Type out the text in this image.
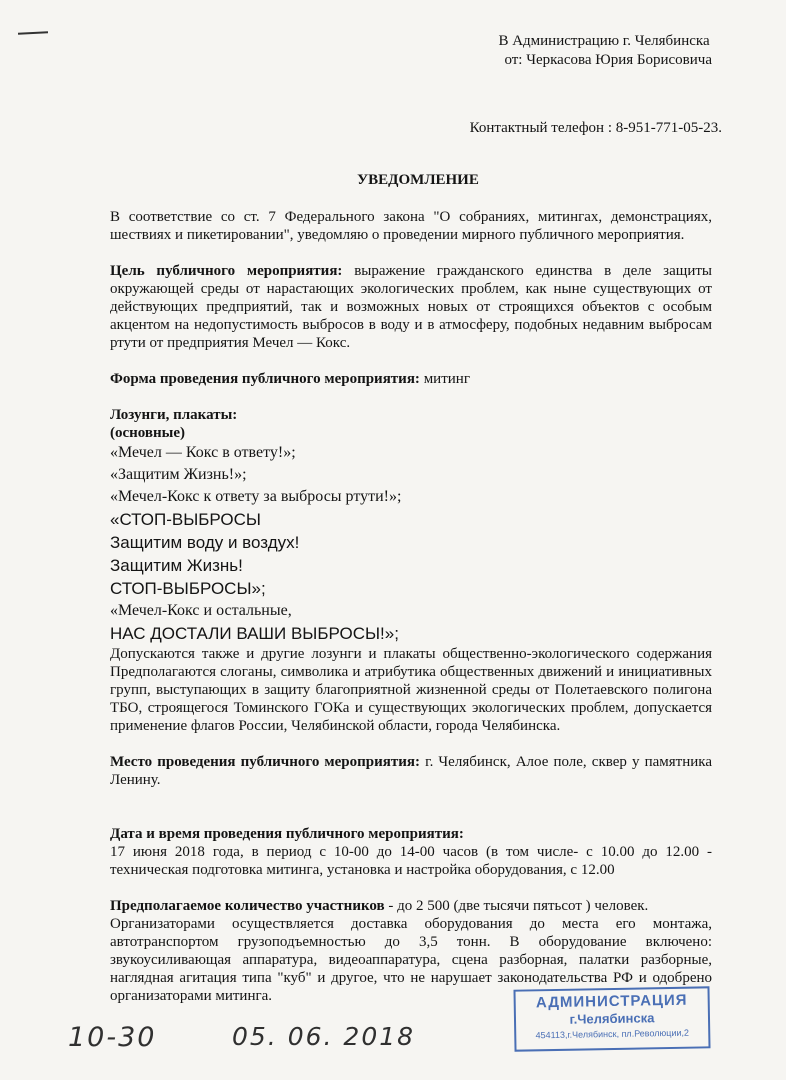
В Администрацию г. Челябинска
от: Черкасова Юрия Борисовича
Контактный телефон : 8-951-771-05-23.
УВЕДОМЛЕНИЕ

В соответствие со ст. 7 Федерального закона "О собраниях, митингах, демонстрациях, шествиях и пикетировании", уведомляю о проведении мирного публичного мероприятия.

Цель публичного мероприятия: выражение гражданского единства в деле защиты окружающей среды от нарастающих экологических проблем, как ныне существующих от действующих предприятий, так и возможных новых от строящихся объектов с особым акцентом на недопустимость выбросов в воду и в атмосферу, подобных недавним выбросам ртути от предприятия Мечел — Кокс.

Форма проведения публичного мероприятия: митинг

Лозунги, плакаты:
(основные)
«Мечел — Кокс в ответу!»;
«Защитим Жизнь!»;
«Мечел-Кокс к ответу за выбросы ртути!»;
«СТОП-ВЫБРОСЫ
Защитим воду и воздух!
Защитим Жизнь!
СТОП-ВЫБРОСЫ»;
«Мечел-Кокс и остальные,
НАС ДОСТАЛИ ВАШИ ВЫБРОСЫ!»;

Допускаются также и другие лозунги и плакаты общественно-экологического содержания Предполагаются слоганы, символика и атрибутика общественных движений и инициативных групп, выступающих в защиту благоприятной жизненной среды от Полетаевского полигона ТБО, строящегося Томинского ГОКа и существующих экологических проблем, допускается применение флагов России, Челябинской области, города Челябинска.

Место проведения публичного мероприятия: г. Челябинск, Алое поле, сквер у памятника Ленину.

Дата и время проведения публичного мероприятия:

17 июня 2018 года, в период с 10-00 до 14-00 часов (в том числе- с 10.00 до 12.00 - техническая подготовка митинга, установка и настройка оборудования, с 12.00

Предполагаемое количество участников - до 2 500 (две тысячи пятьсот ) человек.

Организаторами осуществляется доставка оборудования до места его монтажа, автотранспортом грузоподъемностью до 3,5 тонн. В оборудование включено: звукоусиливающая аппаратура, видеоаппаратура, сцена разборная, палатки разборные, наглядная агитация типа "куб" и другое, что не нарушает законодательства РФ и одобрено организаторами митинга.	АДМИНИСТРАЦИЯ
г.Челябинска
454113,г.Челябинск, пл.Революции,2
10-30	05. 06. 2018
